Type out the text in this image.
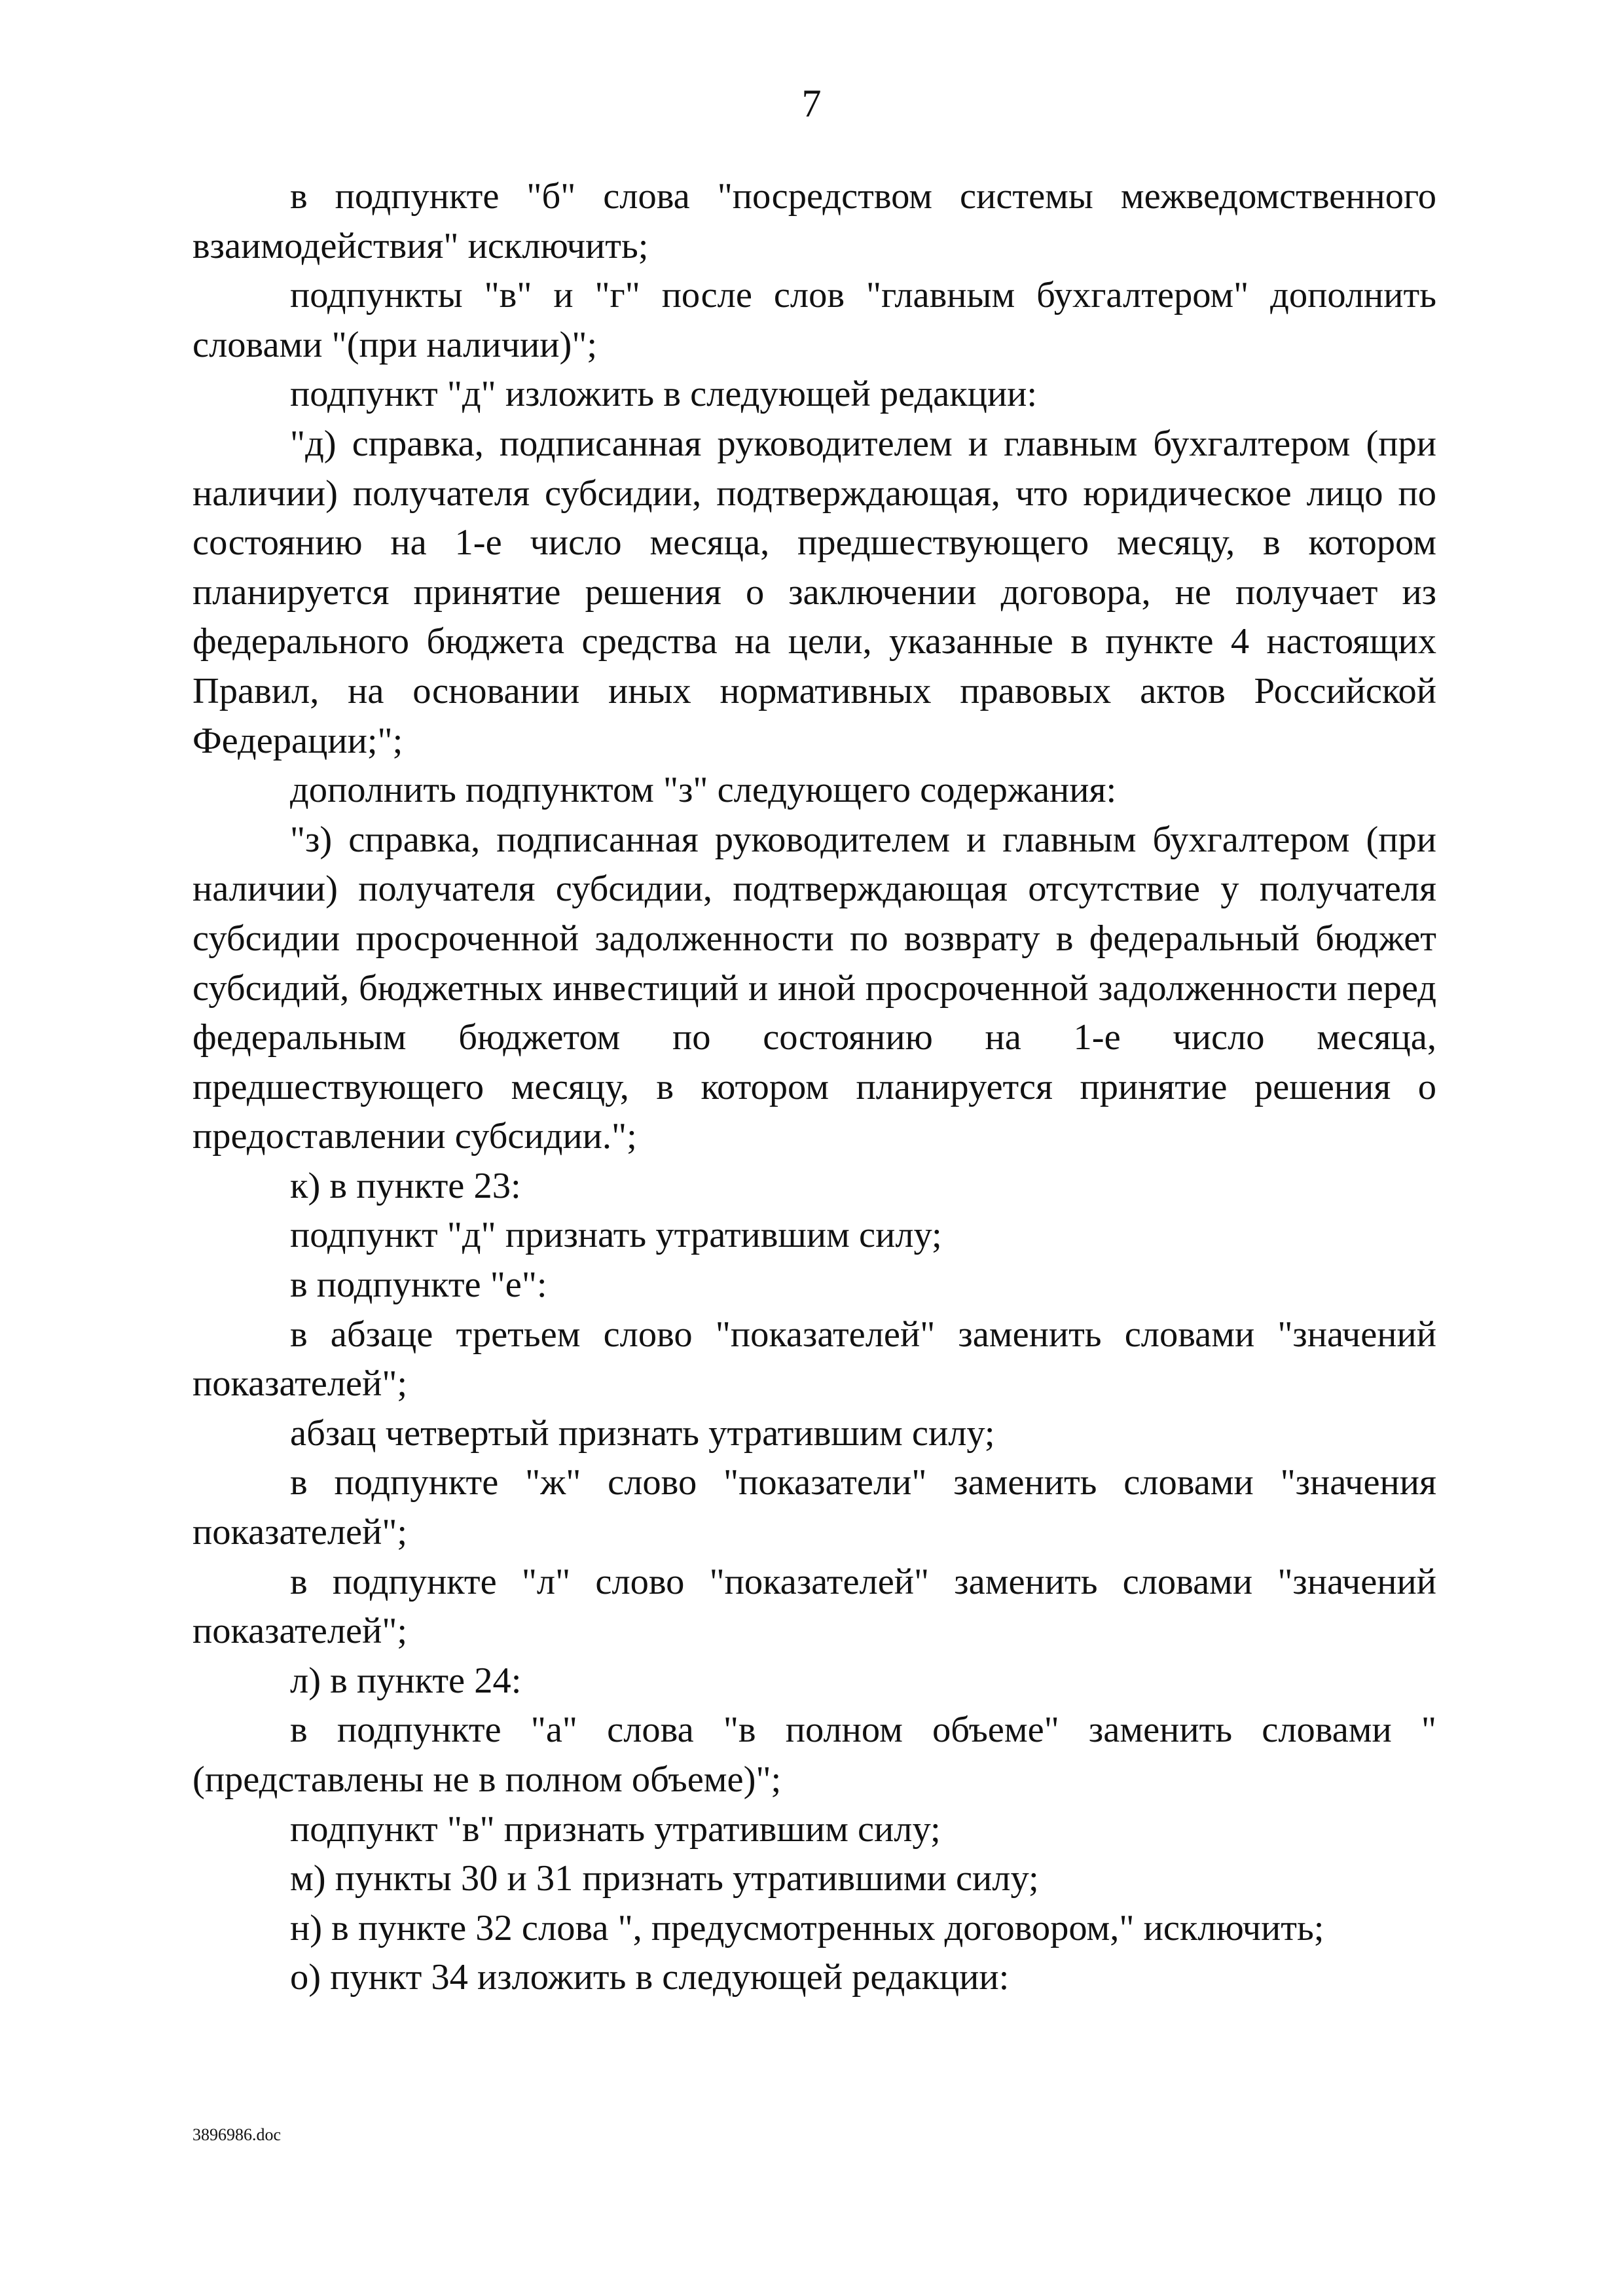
7

в подпункте "б" слова "посредством системы межведомственного взаимодействия" исключить;

подпункты "в" и "г" после слов "главным бухгалтером" дополнить словами "(при наличии)";

подпункт "д" изложить в следующей редакции:

"д) справка, подписанная руководителем и главным бухгалтером (при наличии) получателя субсидии, подтверждающая, что юридическое лицо по состоянию на 1-е число месяца, предшествующего месяцу, в котором планируется принятие решения о заключении договора, не получает из федерального бюджета средства на цели, указанные в пункте 4 настоящих Правил, на основании иных нормативных правовых актов Российской Федерации;";

дополнить подпунктом "з" следующего содержания:

"з) справка, подписанная руководителем и главным бухгалтером (при наличии) получателя субсидии, подтверждающая отсутствие у получателя субсидии просроченной задолженности по возврату в федеральный бюджет субсидий, бюджетных инвестиций и иной просроченной задолженности перед федеральным бюджетом по состоянию на 1-е число месяца, предшествующего месяцу, в котором планируется принятие решения о предоставлении субсидии.";

к) в пункте 23:

подпункт "д" признать утратившим силу;

в подпункте "е":

в абзаце третьем слово "показателей" заменить словами "значений показателей";

абзац четвертый признать утратившим силу;

в подпункте "ж" слово "показатели" заменить словами "значения показателей";

в подпункте "л" слово "показателей" заменить словами "значений показателей";

л) в пункте 24:

в подпункте "а" слова "в полном объеме" заменить словами "(представлены не в полном объеме)";

подпункт "в" признать утратившим силу;

м) пункты 30 и 31 признать утратившими силу;

н) в пункте 32 слова ", предусмотренных договором," исключить;

о) пункт 34 изложить в следующей редакции:

3896986.doc
